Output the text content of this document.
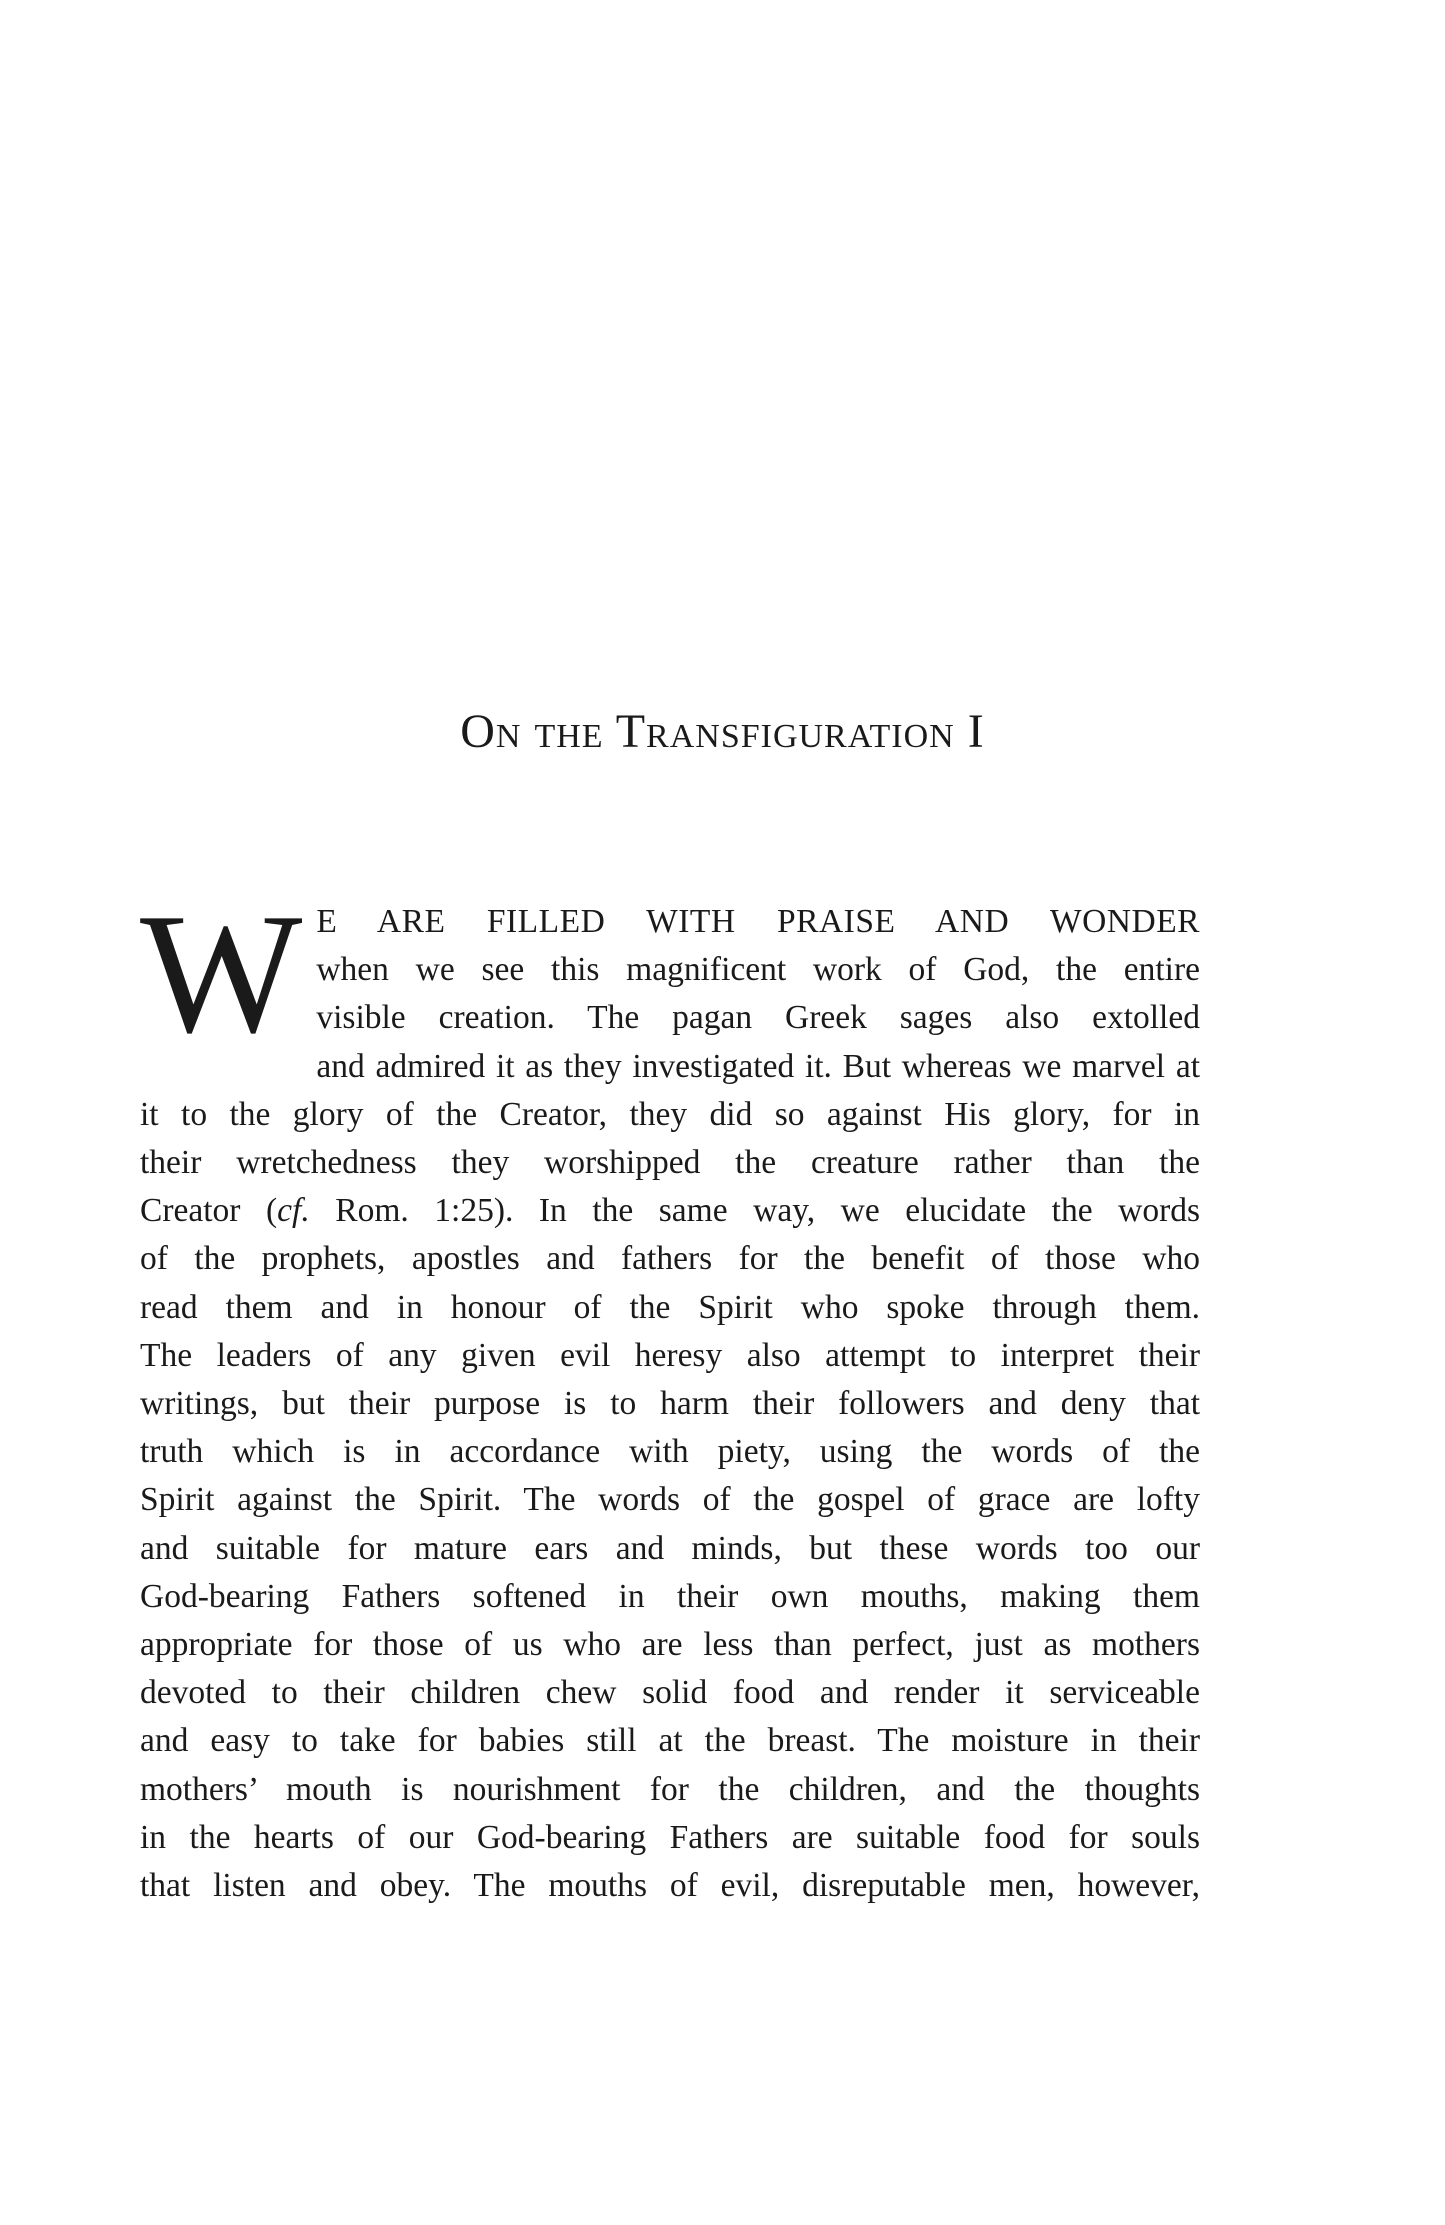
On the Transfiguration I
W E ARE FILLED WITH PRAISE AND WONDER
when we see this magnificent work of God, the entire
visible creation. The pagan Greek sages also extolled
and admired it as they investigated it. But whereas we marvel at
it to the glory of the Creator, they did so against His glory, for in
their wretchedness they worshipped the creature rather than the
Creator (cf. Rom. 1:25). In the same way, we elucidate the words
of the prophets, apostles and fathers for the benefit of those who
read them and in honour of the Spirit who spoke through them.
The leaders of any given evil heresy also attempt to interpret their
writings, but their purpose is to harm their followers and deny that
truth which is in accordance with piety, using the words of the
Spirit against the Spirit. The words of the gospel of grace are lofty
and suitable for mature ears and minds, but these words too our
God-bearing Fathers softened in their own mouths, making them
appropriate for those of us who are less than perfect, just as mothers
devoted to their children chew solid food and render it serviceable
and easy to take for babies still at the breast. The moisture in their
mothers’ mouth is nourishment for the children, and the thoughts
in the hearts of our God-bearing Fathers are suitable food for souls
that listen and obey. The mouths of evil, disreputable men, however,
